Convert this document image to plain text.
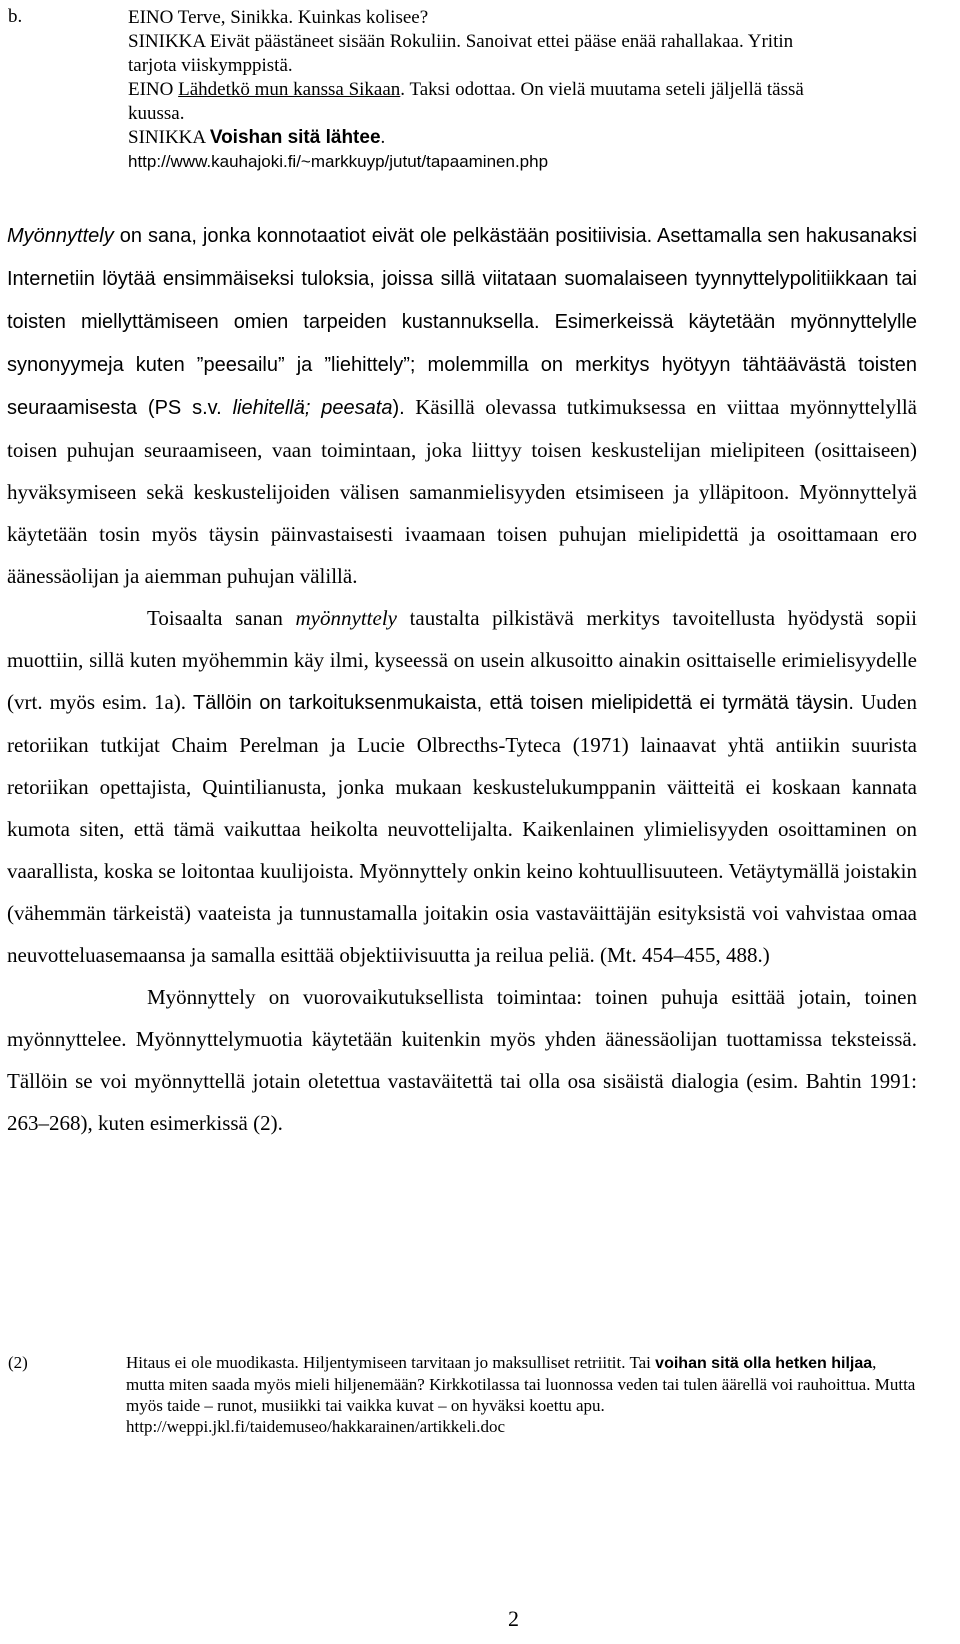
b.	EINO Terve, Sinikka. Kuinkas kolisee?
SINIKKA Eivät päästäneet sisään Rokuliin. Sanoivat ettei pääse enää rahallakaa. Yritin
tarjota viiskymppistä.
EINO Lähdetkö mun kanssa Sikaan. Taksi odottaa. On vielä muutama seteli jäljellä tässä
kuussa.
SINIKKA Voishan sitä lähtee.
http://www.kauhajoki.fi/~markkuyp/jutut/tapaaminen.php

Myönnyttely on sana, jonka konnotaatiot eivät ole pelkästään positiivisia. Asettamalla sen hakusanaksi Internetiin löytää ensimmäiseksi tuloksia, joissa sillä viitataan suomalaiseen tyynnyttelypolitiikkaan tai toisten miellyttämiseen omien tarpeiden kustannuksella. Esimerkeissä käytetään myönnyttelylle synonyymeja kuten ”peesailu” ja ”liehittely”; molemmilla on merkitys hyötyyn tähtäävästä toisten seuraamisesta (PS s.v. liehitellä; peesata). Käsillä olevassa tutkimuksessa en viittaa myönnyttelyllä toisen puhujan seuraamiseen, vaan toimintaan, joka liittyy toisen keskustelijan mielipiteen (osittaiseen) hyväksymiseen sekä keskustelijoiden välisen samanmielisyyden etsimiseen ja ylläpitoon. Myönnyttelyä käytetään tosin myös täysin päinvastaisesti ivaamaan toisen puhujan mielipidettä ja osoittamaan ero äänessäolijan ja aiemman puhujan välillä.

Toisaalta sanan myönnyttely taustalta pilkistävä merkitys tavoitellusta hyödystä sopii muottiin, sillä kuten myöhemmin käy ilmi, kyseessä on usein alkusoitto ainakin osittaiselle erimielisyydelle (vrt. myös esim. 1a). Tällöin on tarkoituksenmukaista, että toisen mielipidettä ei tyrmätä täysin. Uuden retoriikan tutkijat Chaim Perelman ja Lucie Olbrecths-Tyteca (1971) lainaavat yhtä antiikin suurista retoriikan opettajista, Quintilianusta, jonka mukaan keskustelukumppanin väitteitä ei koskaan kannata kumota siten, että tämä vaikuttaa heikolta neuvottelijalta. Kaikenlainen ylimielisyyden osoittaminen on vaarallista, koska se loitontaa kuulijoista. Myönnyttely onkin keino kohtuullisuuteen. Vetäytymällä joistakin (vähemmän tärkeistä) vaateista ja tunnustamalla joitakin osia vastaväittäjän esityksistä voi vahvistaa omaa neuvotteluasemaansa ja samalla esittää objektiivisuutta ja reilua peliä. (Mt. 454–455, 488.)

Myönnyttely on vuorovaikutuksellista toimintaa: toinen puhuja esittää jotain, toinen myönnyttelee. Myönnyttelymuotia käytetään kuitenkin myös yhden äänessäolijan tuottamissa teksteissä. Tällöin se voi myönnyttellä jotain oletettua vastaväitettä tai olla osa sisäistä dialogia (esim. Bahtin 1991: 263–268), kuten esimerkissä (2).

(2)	Hitaus ei ole muodikasta. Hiljentymiseen tarvitaan jo maksulliset retriitit. Tai voihan sitä olla hetken hiljaa, mutta miten saada myös mieli hiljenemään? Kirkkotilassa tai luonnossa veden tai tulen äärellä voi rauhoittua. Mutta myös taide – runot, musiikki tai vaikka kuvat – on hyväksi koettu apu.
http://weppi.jkl.fi/taidemuseo/hakkarainen/artikkeli.doc
2
